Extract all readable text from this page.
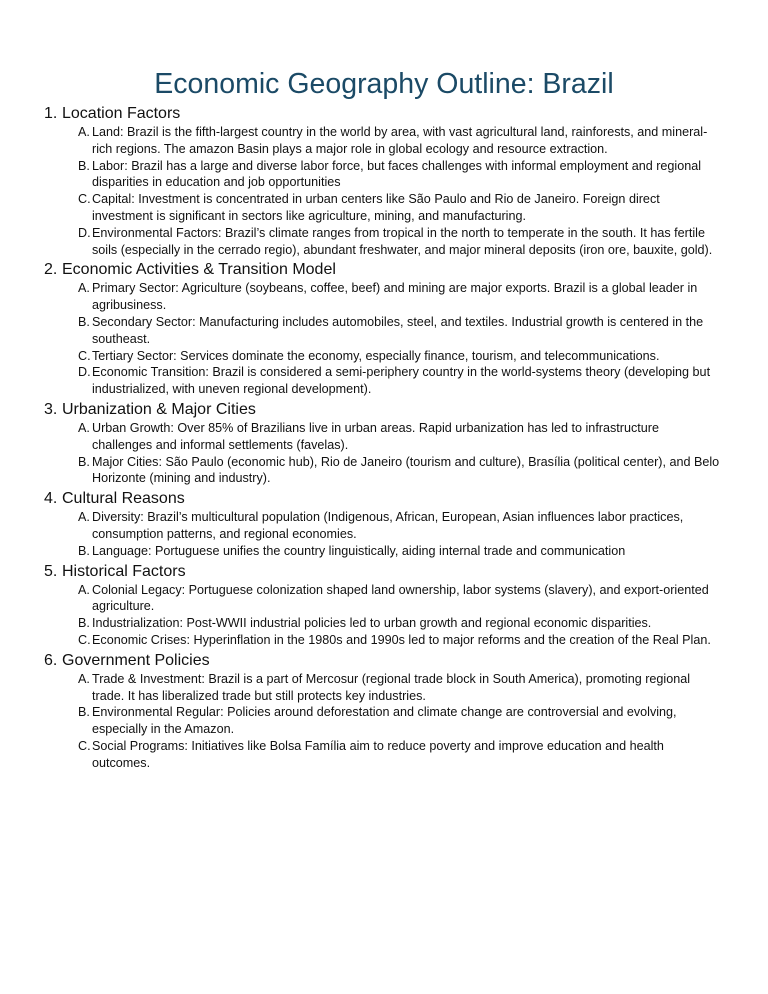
Economic Geography Outline: Brazil
1. Location Factors
A. Land: Brazil is the fifth-largest country in the world by area, with vast agricultural land, rainforests, and mineral-rich regions. The amazon Basin plays a major role in global ecology and resource extraction.
B. Labor: Brazil has a large and diverse labor force, but faces challenges with informal employment and regional disparities in education and job opportunities
C. Capital: Investment is concentrated in urban centers like São Paulo and Rio de Janeiro. Foreign direct investment is significant in sectors like agriculture, mining, and manufacturing.
D. Environmental Factors: Brazil’s climate ranges from tropical in the north to temperate in the south. It has fertile soils (especially in the cerrado regio), abundant freshwater, and major mineral deposits (iron ore, bauxite, gold).
2. Economic Activities & Transition Model
A. Primary Sector: Agriculture (soybeans, coffee, beef) and mining are major exports. Brazil is a global leader in agribusiness.
B. Secondary Sector: Manufacturing includes automobiles, steel, and textiles. Industrial growth is centered in the southeast.
C. Tertiary Sector: Services dominate the economy, especially finance, tourism, and telecommunications.
D. Economic Transition: Brazil is considered a semi-periphery country in the world-systems theory (developing but industrialized, with uneven regional development).
3. Urbanization & Major Cities
A. Urban Growth: Over 85% of Brazilians live in urban areas. Rapid urbanization has led to infrastructure challenges and informal settlements (favelas).
B. Major Cities: São Paulo (economic hub), Rio de Janeiro (tourism and culture), Brasília (political center), and Belo Horizonte (mining and industry).
4. Cultural Reasons
A. Diversity: Brazil’s multicultural population (Indigenous, African, European, Asian influences labor practices, consumption patterns, and regional economies.
B. Language: Portuguese unifies the country linguistically, aiding internal trade and communication
5. Historical Factors
A. Colonial Legacy: Portuguese colonization shaped land ownership, labor systems (slavery), and export-oriented agriculture.
B. Industrialization: Post-WWII industrial policies led to urban growth and regional economic disparities.
C. Economic Crises: Hyperinflation in the 1980s and 1990s led to major reforms and the creation of the Real Plan.
6. Government Policies
A. Trade & Investment: Brazil is a part of Mercosur (regional trade block in South America), promoting regional trade. It has liberalized trade but still protects key industries.
B. Environmental Regular: Policies around deforestation and climate change are controversial and evolving, especially in the Amazon.
C. Social Programs: Initiatives like Bolsa Família aim to reduce poverty and improve education and health outcomes.
